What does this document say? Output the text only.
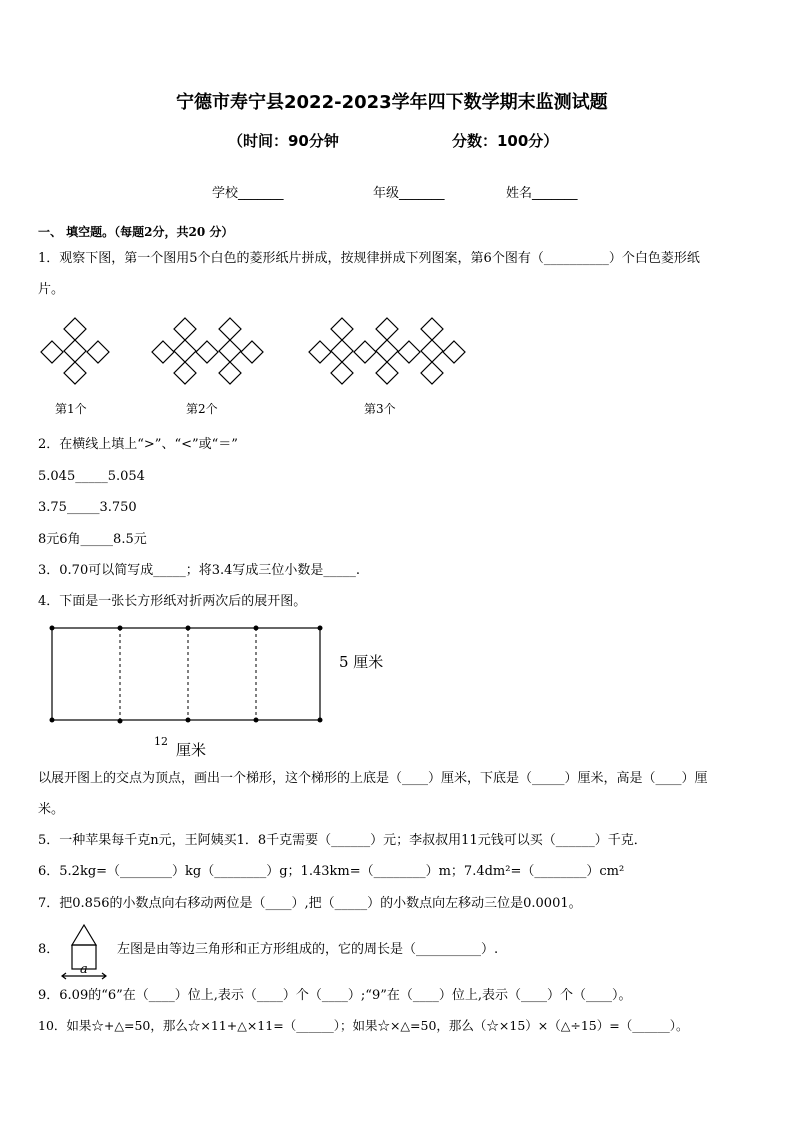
宁德市寿宁县2022-2023学年四下数学期末监测试题
（时间：90分钟	分数：100分）
学校_______	年级_______	姓名_______
一、 填空题。（每题2分，共20 分）
1．观察下图，第一个图用5个白色的菱形纸片拼成，按规律拼成下列图案，第6个图有（__________）个白色菱形纸
片。
第1个	第2个	第3个
2．在横线上填上“>”、“<”或“＝”
5.045_____5.054
3.75_____3.750
8元6角_____8.5元
3．0.70可以简写成_____；将3.4写成三位小数是_____.
4．下面是一张长方形纸对折两次后的展开图。
5 厘米
12 厘米
以展开图上的交点为顶点，画出一个梯形，这个梯形的上底是（____）厘米，下底是（_____）厘米，高是（____）厘
米。
5．一种苹果每千克n元，王阿姨买1．8千克需要（______）元；李叔叔用11元钱可以买（______）千克．
6．5.2kg=（________）kg（________）g；1.43km=（________）m；7.4dm²=（________）cm²
7．把0.856的小数点向右移动两位是（____）,把（_____）的小数点向左移动三位是0.0001。
8．
a
左图是由等边三角形和正方形组成的，它的周长是（__________）.
9．6.09的“6”在（____）位上,表示（____）个（____）;“9”在（____）位上,表示（____）个（____）。
10．如果☆+△=50，那么☆×11+△×11=（______）；如果☆×△=50，那么（☆×15）×（△÷15）=（______）。
